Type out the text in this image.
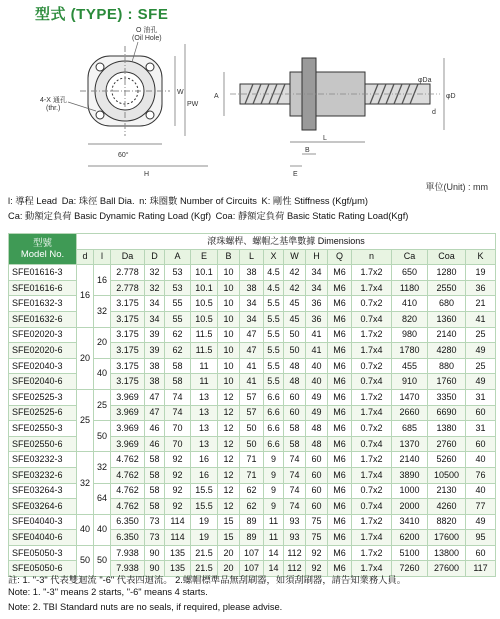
型式 (TYPE) : SFE
O 油孔
(Oil Hole)
4-X 通孔
(thr.)
W
PW
60°
H
L
B
E
A
φDa
φD
d
單位(Unit) : mm
l: 導程 Lead Da: 珠徑 Ball Dia. n: 珠圈數 Number of Circuits K: 剛性 Stiffness (Kgf/μm)
Ca: 動額定負荷 Basic Dynamic Rating Load (Kgf) Coa: 靜額定負荷 Basic Static Rating Load(Kgf)
型號
Model No.	滾珠螺桿、螺帽之基準數據 Dimensions															
	d	l	Da	D	A	E	B	L	X	W	H	Q	n	Ca	Coa	K
SFE01616-3	16	16	2.778	32	53	10.1	10	38	4.5	42	34	M6	1.7x2	650	1280	19
SFE01616-6			2.778	32	53	10.1	10	38	4.5	42	34	M6	1.7x4	1180	2550	36
SFE01632-3		32	3.175	34	55	10.5	10	34	5.5	45	36	M6	0.7x2	410	680	21
SFE01632-6			3.175	34	55	10.5	10	34	5.5	45	36	M6	0.7x4	820	1360	41
SFE02020-3	20	20	3.175	39	62	11.5	10	47	5.5	50	41	M6	1.7x2	980	2140	25
SFE02020-6			3.175	39	62	11.5	10	47	5.5	50	41	M6	1.7x4	1780	4280	49
SFE02040-3		40	3.175	38	58	11	10	41	5.5	48	40	M6	0.7x2	455	880	25
SFE02040-6			3.175	38	58	11	10	41	5.5	48	40	M6	0.7x4	910	1760	49
SFE02525-3	25	25	3.969	47	74	13	12	57	6.6	60	49	M6	1.7x2	1470	3350	31
SFE02525-6			3.969	47	74	13	12	57	6.6	60	49	M6	1.7x4	2660	6690	60
SFE02550-3		50	3.969	46	70	13	12	50	6.6	58	48	M6	0.7x2	685	1380	31
SFE02550-6			3.969	46	70	13	12	50	6.6	58	48	M6	0.7x4	1370	2760	60
SFE03232-3	32	32	4.762	58	92	16	12	71	9	74	60	M6	1.7x2	2140	5260	40
SFE03232-6			4.762	58	92	16	12	71	9	74	60	M6	1.7x4	3890	10500	76
SFE03264-3		64	4.762	58	92	15.5	12	62	9	74	60	M6	0.7x2	1000	2130	40
SFE03264-6			4.762	58	92	15.5	12	62	9	74	60	M6	0.7x4	2000	4260	77
SFE04040-3	40	40	6.350	73	114	19	15	89	11	93	75	M6	1.7x2	3410	8820	49
SFE04040-6			6.350	73	114	19	15	89	11	93	75	M6	1.7x4	6200	17600	95
SFE05050-3	50	50	7.938	90	135	21.5	20	107	14	112	92	M6	1.7x2	5100	13800	60
SFE05050-6			7.938	90	135	21.5	20	107	14	112	92	M6	1.7x4	7260	27600	117
註: 1. "-3" 代表雙迴流 "-6" 代表四迴流。 2.螺帽標準品無刮刷器，如須刮刷器，請告知業務人員。
Note: 1. "-3" means 2 starts, "-6" means 4 starts.
Note: 2. TBI Standard nuts are no seals, if required, please advise.
